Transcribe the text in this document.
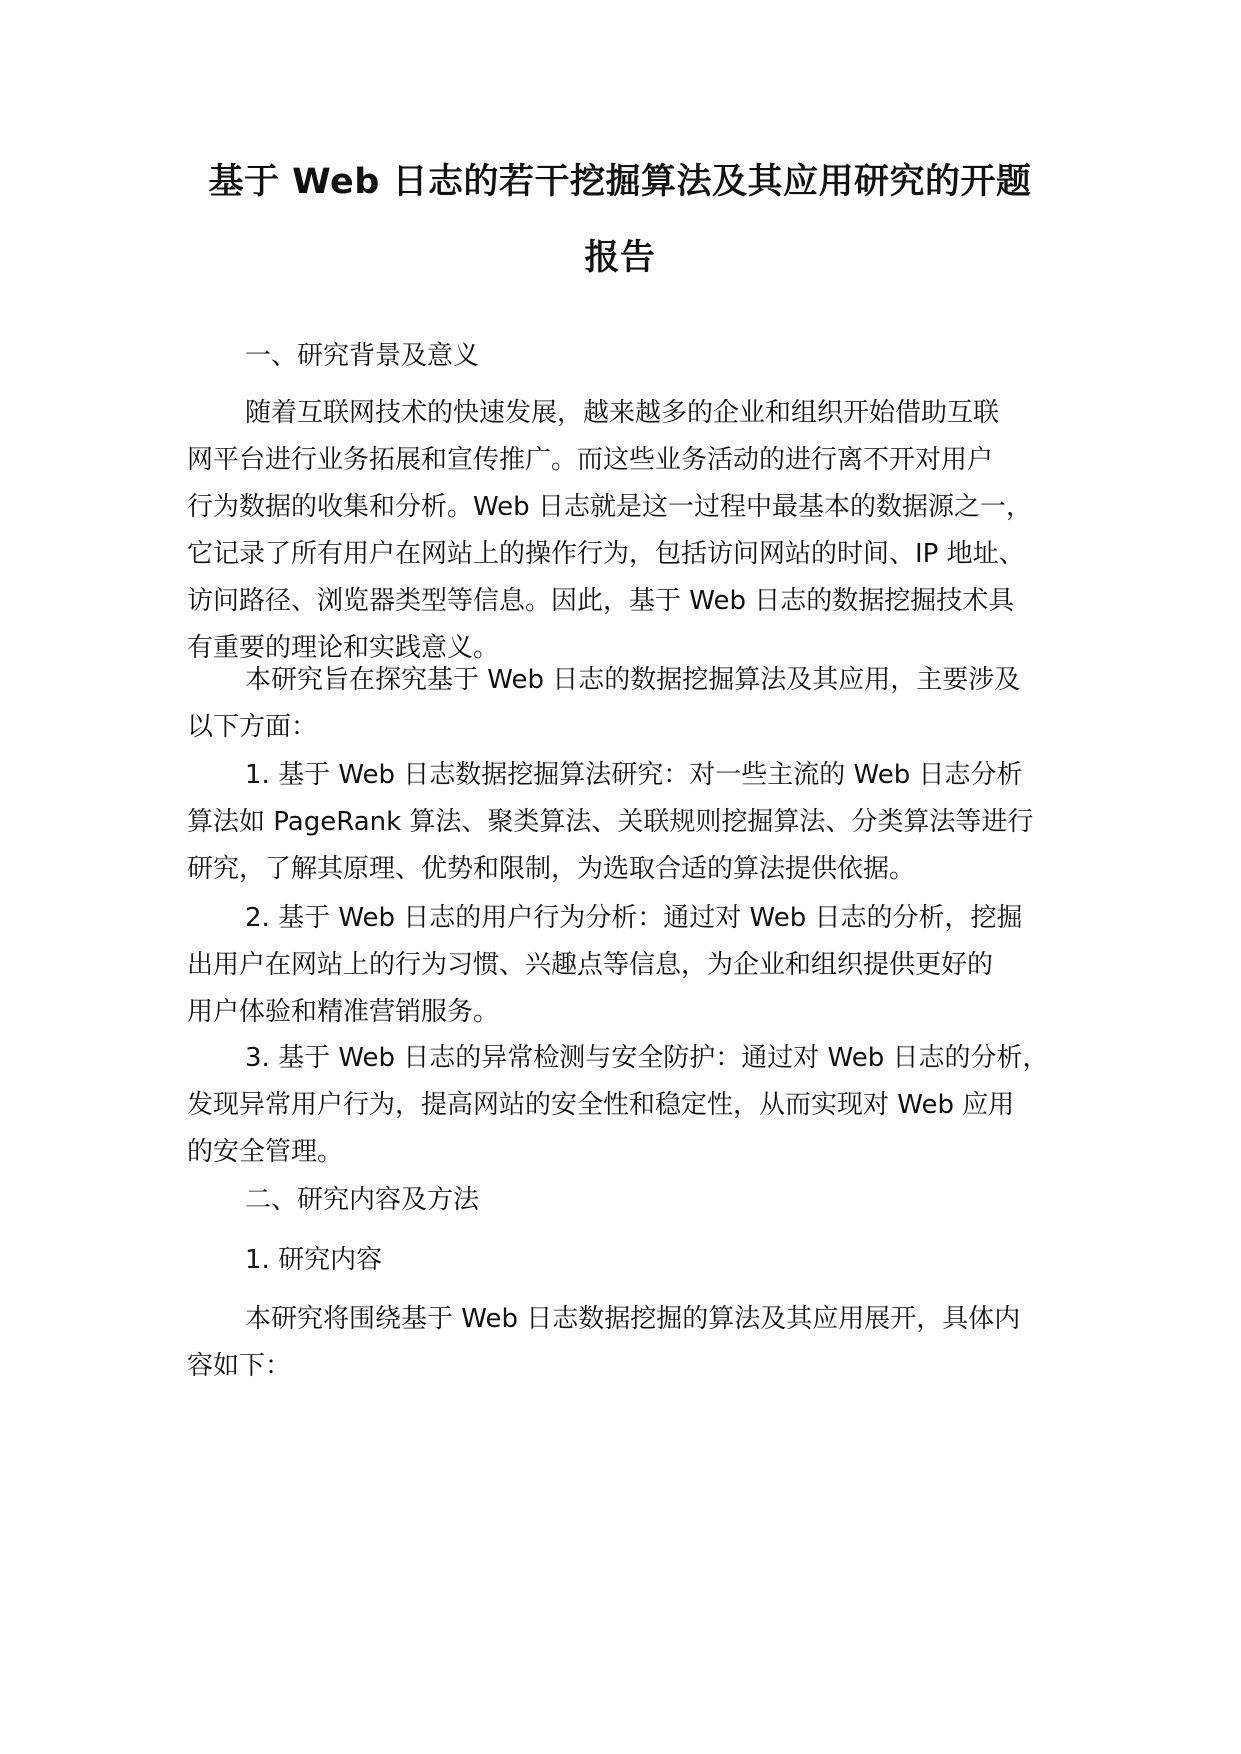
基于 Web 日志的若干挖掘算法及其应用研究的开题
报告
一、研究背景及意义
随着互联网技术的快速发展，越来越多的企业和组织开始借助互联
网平台进行业务拓展和宣传推广。而这些业务活动的进行离不开对用户
行为数据的收集和分析。Web 日志就是这一过程中最基本的数据源之一，
它记录了所有用户在网站上的操作行为，包括访问网站的时间、IP 地址、
访问路径、浏览器类型等信息。因此，基于 Web 日志的数据挖掘技术具
有重要的理论和实践意义。
本研究旨在探究基于 Web 日志的数据挖掘算法及其应用，主要涉及
以下方面：
1. 基于 Web 日志数据挖掘算法研究：对一些主流的 Web 日志分析
算法如 PageRank 算法、聚类算法、关联规则挖掘算法、分类算法等进行
研究，了解其原理、优势和限制，为选取合适的算法提供依据。
2. 基于 Web 日志的用户行为分析：通过对 Web 日志的分析，挖掘
出用户在网站上的行为习惯、兴趣点等信息，为企业和组织提供更好的
用户体验和精准营销服务。
3. 基于 Web 日志的异常检测与安全防护：通过对 Web 日志的分析，
发现异常用户行为，提高网站的安全性和稳定性，从而实现对 Web 应用
的安全管理。
二、研究内容及方法
1. 研究内容
本研究将围绕基于 Web 日志数据挖掘的算法及其应用展开，具体内
容如下：
